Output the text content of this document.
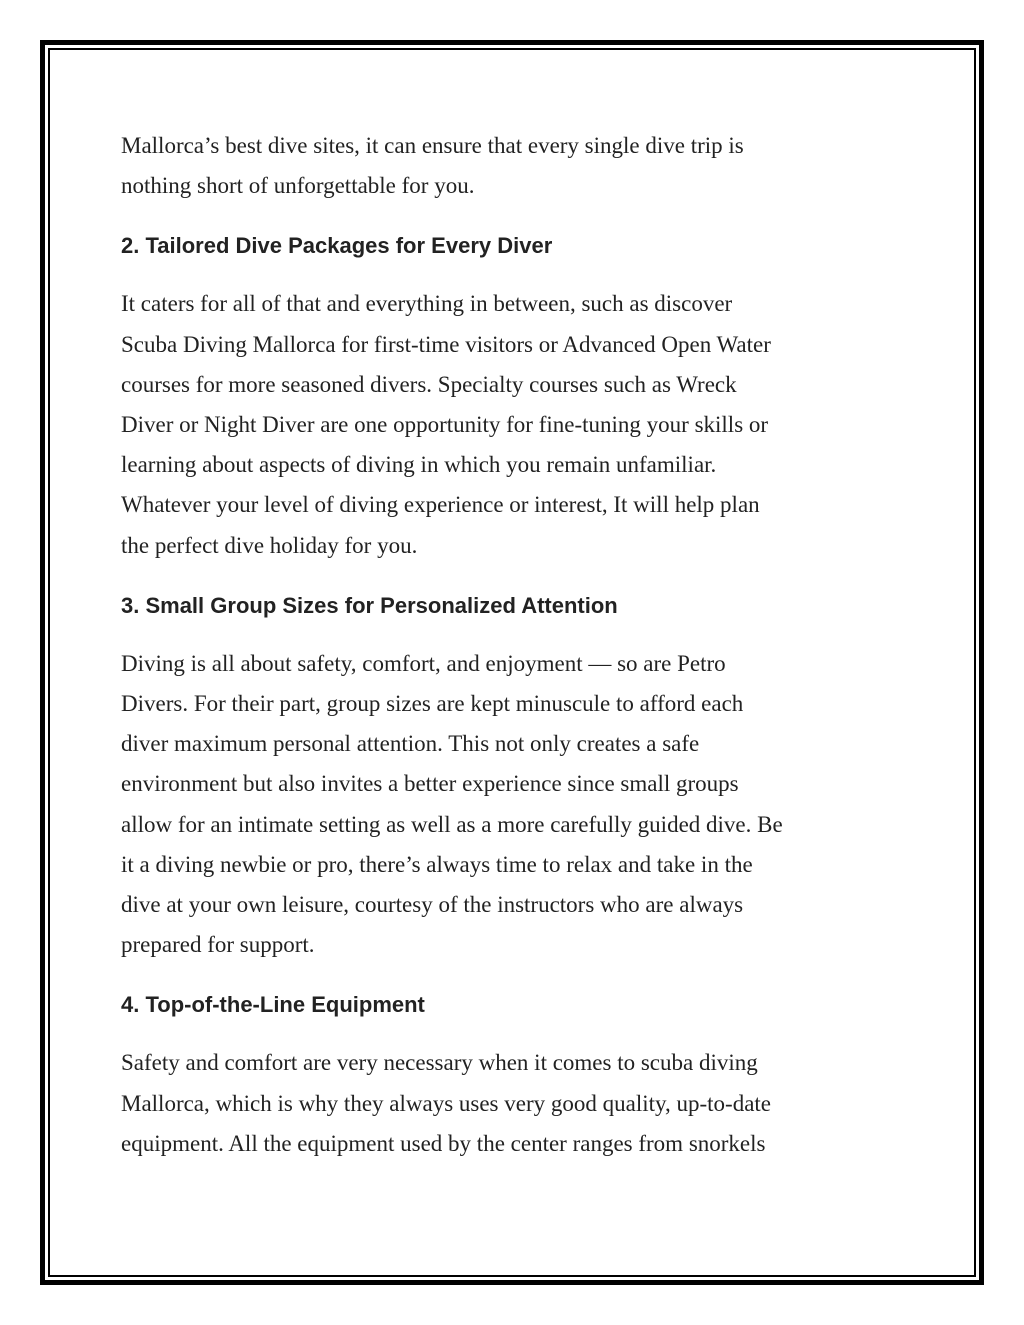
Mallorca’s best dive sites, it can ensure that every single dive trip is
nothing short of unforgettable for you.

2. Tailored Dive Packages for Every Diver

It caters for all of that and everything in between, such as discover
Scuba Diving Mallorca for first-time visitors or Advanced Open Water
courses for more seasoned divers. Specialty courses such as Wreck
Diver or Night Diver are one opportunity for fine-tuning your skills or
learning about aspects of diving in which you remain unfamiliar.
Whatever your level of diving experience or interest, It will help plan
the perfect dive holiday for you.

3. Small Group Sizes for Personalized Attention

Diving is all about safety, comfort, and enjoyment — so are Petro
Divers. For their part, group sizes are kept minuscule to afford each
diver maximum personal attention. This not only creates a safe
environment but also invites a better experience since small groups
allow for an intimate setting as well as a more carefully guided dive. Be
it a diving newbie or pro, there’s always time to relax and take in the
dive at your own leisure, courtesy of the instructors who are always
prepared for support.

4. Top-of-the-Line Equipment

Safety and comfort are very necessary when it comes to scuba diving
Mallorca, which is why they always uses very good quality, up-to-date
equipment. All the equipment used by the center ranges from snorkels
